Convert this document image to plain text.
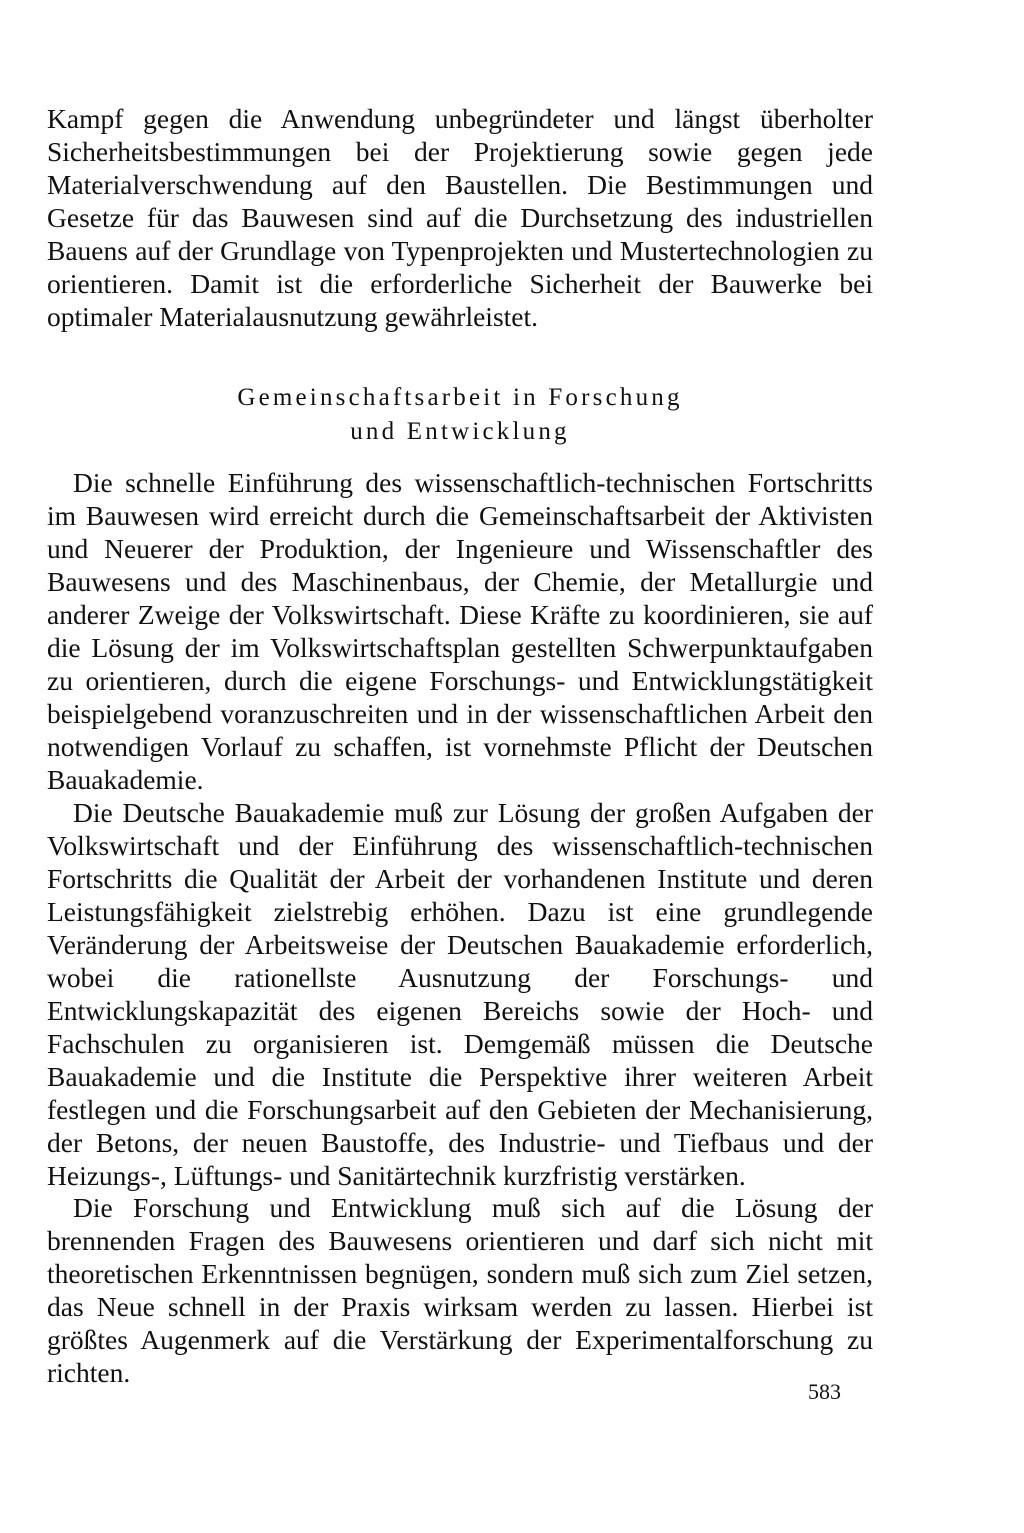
Kampf gegen die Anwendung unbegründeter und längst überholter Sicherheitsbestimmungen bei der Projektierung sowie gegen jede Materialverschwendung auf den Baustellen. Die Bestimmungen und Gesetze für das Bauwesen sind auf die Durchsetzung des industriellen Bauens auf der Grundlage von Typenprojekten und Mustertechnologien zu orientieren. Damit ist die erforderliche Sicherheit der Bauwerke bei optimaler Materialausnutzung gewährleistet.

Gemeinschaftsarbeit in Forschung
und Entwicklung

Die schnelle Einführung des wissenschaftlich-technischen Fortschritts im Bauwesen wird erreicht durch die Gemeinschaftsarbeit der Aktivisten und Neuerer der Produktion, der Ingenieure und Wissenschaftler des Bauwesens und des Maschinenbaus, der Chemie, der Metallurgie und anderer Zweige der Volkswirtschaft. Diese Kräfte zu koordinieren, sie auf die Lösung der im Volkswirtschaftsplan gestellten Schwerpunktaufgaben zu orientieren, durch die eigene Forschungs- und Entwicklungstätigkeit beispielgebend voranzuschreiten und in der wissenschaftlichen Arbeit den notwendigen Vorlauf zu schaffen, ist vornehmste Pflicht der Deutschen Bauakademie.

Die Deutsche Bauakademie muß zur Lösung der großen Aufgaben der Volkswirtschaft und der Einführung des wissenschaftlich-technischen Fortschritts die Qualität der Arbeit der vorhandenen Institute und deren Leistungsfähigkeit zielstrebig erhöhen. Dazu ist eine grundlegende Veränderung der Arbeitsweise der Deutschen Bauakademie erforderlich, wobei die rationellste Ausnutzung der Forschungs- und Entwicklungskapazität des eigenen Bereichs sowie der Hoch- und Fachschulen zu organisieren ist. Demgemäß müssen die Deutsche Bauakademie und die Institute die Perspektive ihrer weiteren Arbeit festlegen und die Forschungsarbeit auf den Gebieten der Mechanisierung, der Betons, der neuen Baustoffe, des Industrie- und Tiefbaus und der Heizungs-, Lüftungs- und Sanitärtechnik kurzfristig verstärken.

Die Forschung und Entwicklung muß sich auf die Lösung der brennenden Fragen des Bauwesens orientieren und darf sich nicht mit theoretischen Erkenntnissen begnügen, sondern muß sich zum Ziel setzen, das Neue schnell in der Praxis wirksam werden zu lassen. Hierbei ist größtes Augenmerk auf die Verstärkung der Experimentalforschung zu richten.

583
